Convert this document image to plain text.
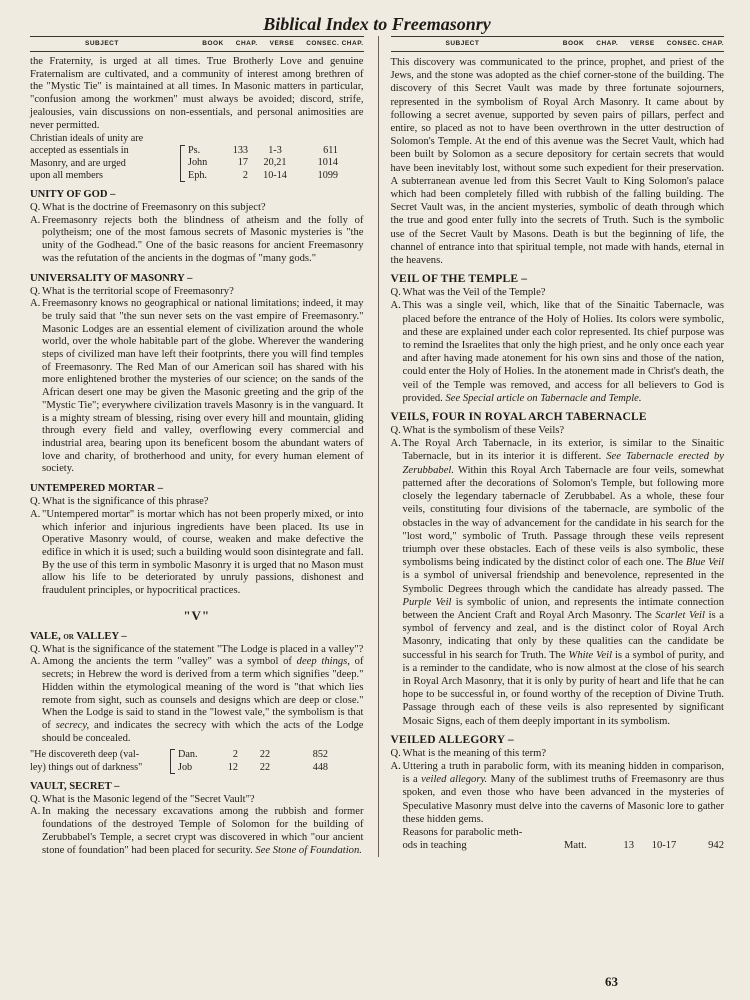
Biblical Index to Freemasonry
SUBJECT	BOOK CHAP. VERSE CONSEC. CHAP.

the Fraternity, is urged at all times. True Brotherly Love and genuine Fraternalism are cultivated, and a community of interest among brethren of the "Mystic Tie" is maintained at all times. In Masonic matters in particular, "confusion among the workmen" must always be avoided; discord, strife, jealousies, vain discussions on non-essentials, and personal animosities are never permitted.

Christian ideals of unity are
accepted as essentials in
Masonry, and are urged
upon all members
Ps.	133	1-3	611
John	17	20,21	1014
Eph.	2	10-14	1099
UNITY OF GOD –
Q. What is the doctrine of Freemasonry on this subject?
A. Freemasonry rejects both the blindness of atheism and the folly of polytheism; one of the most famous secrets of Masonic mysteries is "the unity of the Godhead." One of the basic reasons for ancient Freemasonry was the refutation of the ancients in the dogmas of "many gods."
UNIVERSALITY OF MASONRY –
Q. What is the territorial scope of Freemasonry?
A. Freemasonry knows no geographical or national limitations; indeed, it may be truly said that "the sun never sets on the vast empire of Freemasonry." Masonic Lodges are an essential element of civilization around the whole world, over the whole habitable part of the globe. Wherever the wandering steps of civilized man have left their footprints, there you will find temples of Freemasonry. The Red Man of our American soil has shared with his more enlightened brother the mysteries of our science; on the sands of the African desert one may be given the Masonic greeting and the grip of the "Mystic Tie"; everywhere civilization travels Masonry is in the vanguard. It is a mighty stream of blessing, rising over every hill and mountain, gliding through every field and valley, overflowing every commercial and industrial area, bearing upon its beneficent bosom the abundant waters of love and charity, of brotherhood and unity, for every human element of society.
UNTEMPERED MORTAR –
Q. What is the significance of this phrase?
A. "Untempered mortar" is mortar which has not been properly mixed, or into which inferior and injurious ingredients have been placed. Its use in Operative Masonry would, of course, weaken and make defective the edifice in which it is used; such a building would soon disintegrate and fall. By the use of this term in symbolic Masonry it is urged that no Mason must allow his life to be deteriorated by unruly passions, dishonest and fraudulent principles, or hypocritical practices.
"V"
VALE, or VALLEY –
Q. What is the significance of the statement "The Lodge is placed in a valley"?
A. Among the ancients the term "valley" was a symbol of deep things, of secrets; in Hebrew the word is derived from a term which signifies "deep." Hidden within the etymological meaning of the word is "that which lies remote from sight, such as counsels and designs which are deep or close." When the Lodge is said to stand in the "lowest vale," the symbolism is that of secrecy, and indicates the secrecy with which the acts of the Lodge should be concealed.
"He discovereth deep (val-
ley) things out of darkness"
Dan.	2	22	852
Job	12	22	448
VAULT, SECRET –
Q. What is the Masonic legend of the "Secret Vault"?
A. In making the necessary excavations among the rubbish and former foundations of the destroyed Temple of Solomon for the building of Zerubbabel's Temple, a secret crypt was discovered in which "our ancient stone of foundation" had been placed for security. See Stone of Foundation.
SUBJECT	BOOK CHAP. VERSE CONSEC. CHAP.

This discovery was communicated to the prince, prophet, and priest of the Jews, and the stone was adopted as the chief corner-stone of the building. The discovery of this Secret Vault was made by three fortunate sojourners, represented in the symbolism of Royal Arch Masonry. It came about by following a secret avenue, supported by seven pairs of pillars, perfect and entire, so placed as not to have been overthrown in the utter destruction of Solomon's Temple. At the end of this avenue was the Secret Vault, which had been built by Solomon as a secure depository for certain secrets that would have been inevitably lost, without some such expedient for their preservation. A subterranean avenue led from this Secret Vault to King Solomon's palace which had been completely filled with rubbish of the falling building. The Secret Vault was, in the ancient mysteries, symbolic of death through which the true and good enter fully into the secrets of Truth. Such is the symbolic use of the Secret Vault by Masons. Death is but the beginning of life, the channel of entrance into that spiritual temple, not made with hands, eternal in the heavens.

VEIL OF THE TEMPLE –
Q. What was the Veil of the Temple?
A. This was a single veil, which, like that of the Sinaitic Tabernacle, was placed before the entrance of the Holy of Holies. Its colors were symbolic, and these are explained under each color represented. Its chief purpose was to remind the Israelites that only the high priest, and he only once each year and after having made atonement for his own sins and those of the nation, could enter the Holy of Holies. In the atonement made in Christ's death, the veil of the Temple was removed, and access for all believers to God is provided. See Special article on Tabernacle and Temple.
VEILS, FOUR IN ROYAL ARCH TABERNACLE
Q. What is the symbolism of these Veils?
A. The Royal Arch Tabernacle, in its exterior, is similar to the Sinaitic Tabernacle, but in its interior it is different. See Tabernacle erected by Zerubbabel. Within this Royal Arch Tabernacle are four veils, somewhat patterned after the decorations of Solomon's Temple, but following more closely the legendary tabernacle of Zerubbabel. As a whole, these four veils, constituting four divisions of the tabernacle, are symbolic of the obstacles in the way of advancement for the candidate in his search for the "lost word," symbolic of Truth. Passage through these veils represent triumph over these obstacles. Each of these veils is also symbolic, these symbolisms being indicated by the distinct color of each one. The Blue Veil is a symbol of universal friendship and benevolence, represented in the Symbolic Degrees through which the candidate has already passed. The Purple Veil is symbolic of union, and represents the intimate connection between the Ancient Craft and Royal Arch Masonry. The Scarlet Veil is a symbol of fervency and zeal, and is the distinct color of Royal Arch Masonry, indicating that only by these qualities can the candidate be successful in his search for Truth. The White Veil is a symbol of purity, and is a reminder to the candidate, who is now almost at the close of his search in Royal Arch Masonry, that it is only by purity of heart and life that he can hope to be successful in, or found worthy of the reception of Divine Truth. Passage through each of these veils is also represented by significant Mosaic Signs, each of them deeply important in its symbolism.
VEILED ALLEGORY –
Q. What is the meaning of this term?
A. Uttering a truth in parabolic form, with its meaning hidden in comparison, is a veiled allegory. Many of the sublimest truths of Freemasonry are thus spoken, and even those who have been advanced in the mysteries of Speculative Masonry must delve into the caverns of Masonic lore to gather these hidden gems.
Reasons for parabolic meth-
ods in teaching	Matt.	13	10-17	942
63
